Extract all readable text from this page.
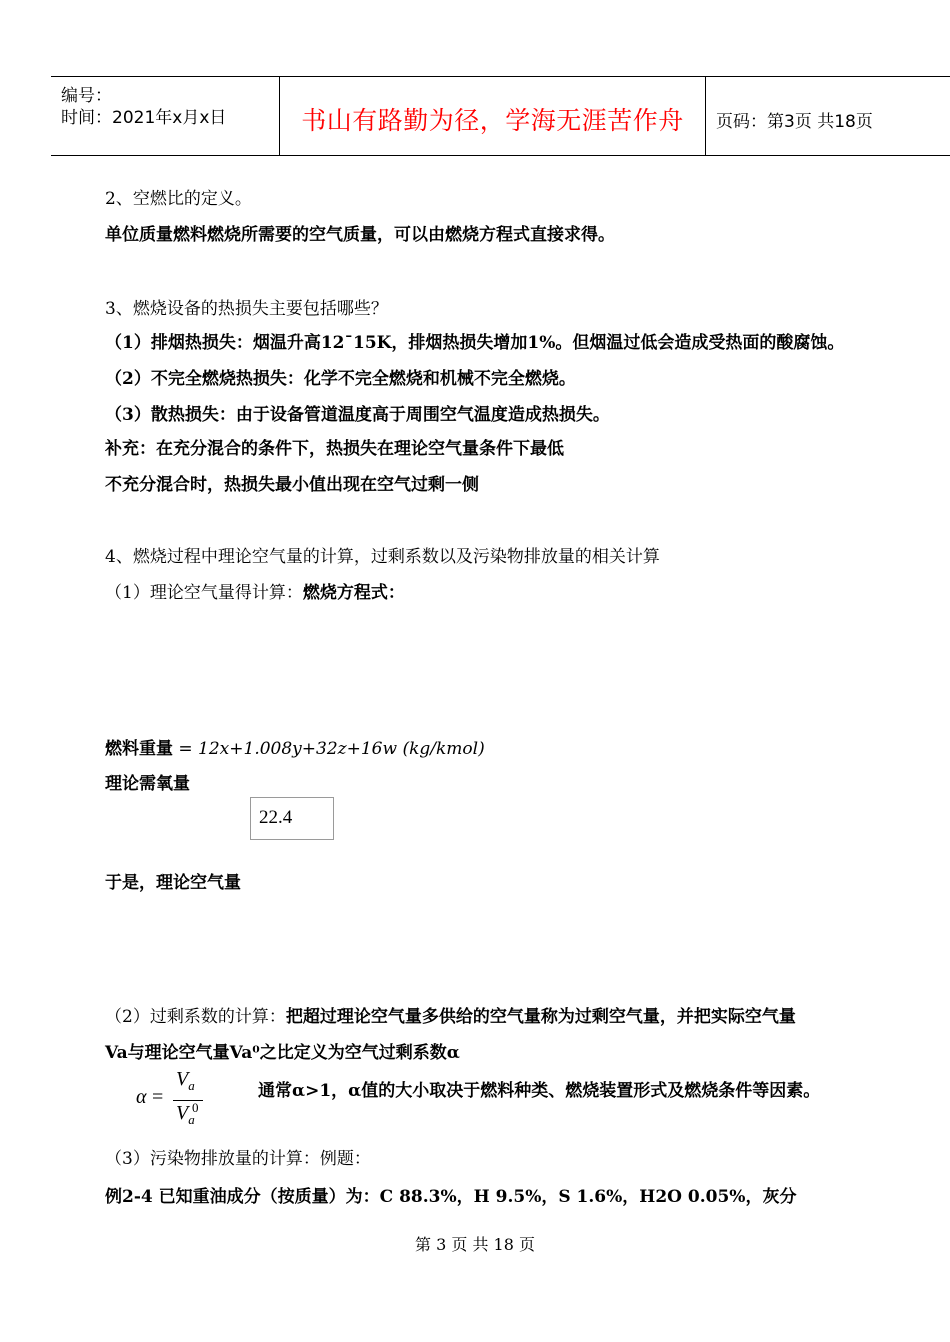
编号：
时间：2021年x月x日	书山有路勤为径，学海无涯苦作舟	页码：第3页 共18页
2、空燃比的定义。
单位质量燃料燃烧所需要的空气质量，可以由燃烧方程式直接求得。
3、燃烧设备的热损失主要包括哪些？
（1）排烟热损失：烟温升高12¯15K，排烟热损失增加1%。但烟温过低会造成受热面的酸腐蚀。
（2）不完全燃烧热损失：化学不完全燃烧和机械不完全燃烧。
（3）散热损失：由于设备管道温度高于周围空气温度造成热损失。
补充：在充分混合的条件下，热损失在理论空气量条件下最低
不充分混合时，热损失最小值出现在空气过剩一侧
4、燃烧过程中理论空气量的计算，过剩系数以及污染物排放量的相关计算
（1）理论空气量得计算：燃烧方程式：
燃料重量 = 12x+1.008y+32z+16w (kg/kmol)
理论需氧量
22.4
于是，理论空气量
（2）过剩系数的计算：把超过理论空气量多供给的空气量称为过剩空气量，并把实际空气量
Va与理论空气量Va⁰之比定义为空气过剩系数α
α =
$V_a$
$V_a$
0
通常α>1，α值的大小取决于燃料种类、燃烧装置形式及燃烧条件等因素。
（3）污染物排放量的计算：例题：
例2-4 已知重油成分（按质量）为：C 88.3%，H 9.5%，S 1.6%，H2O 0.05%，灰分
第 3 页 共 18 页
